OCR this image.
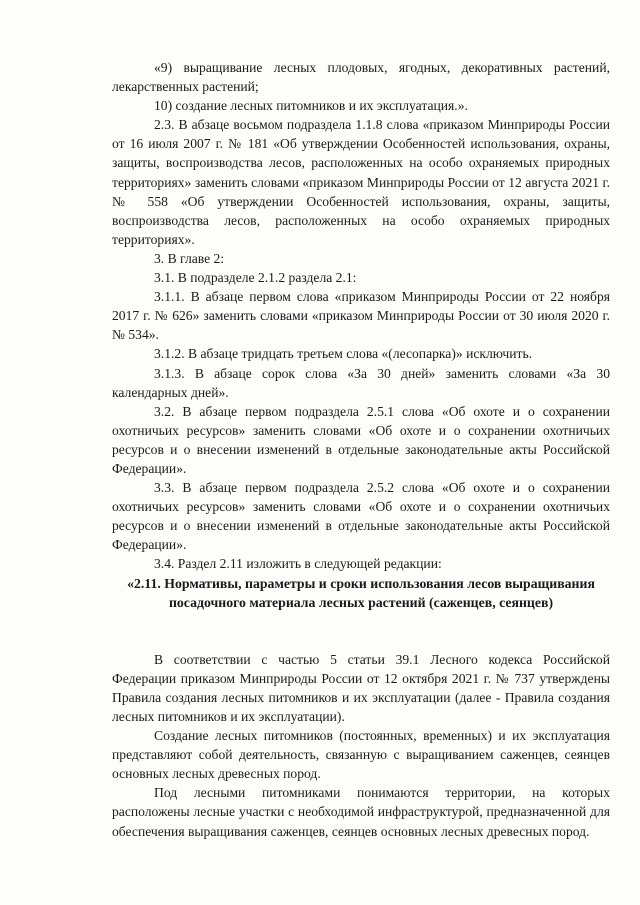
«9) выращивание лесных плодовых, ягодных, декоративных растений, лекарственных растений;

10) создание лесных питомников и их эксплуатация.».

2.3. В абзаце восьмом подраздела 1.1.8 слова «приказом Минприроды России от 16 июля 2007 г. № 181 «Об утверждении Особенностей использования, охраны, защиты, воспроизводства лесов, расположенных на особо охраняемых природных территориях» заменить словами «приказом Минприроды России от 12 августа 2021 г. № 558 «Об утверждении Особенностей использования, охраны, защиты, воспроизводства лесов, расположенных на особо охраняемых природных территориях».

3. В главе 2:

3.1. В подразделе 2.1.2 раздела 2.1:

3.1.1. В абзаце первом слова «приказом Минприроды России от 22 ноября 2017 г. № 626» заменить словами «приказом Минприроды России от 30 июля 2020 г. № 534».

3.1.2. В абзаце тридцать третьем слова «(лесопарка)» исключить.

3.1.3. В абзаце сорок слова «За 30 дней» заменить словами «За 30 календарных дней».

3.2. В абзаце первом подраздела 2.5.1 слова «Об охоте и о сохранении охотничьих ресурсов» заменить словами «Об охоте и о сохранении охотничьих ресурсов и о внесении изменений в отдельные законодательные акты Российской Федерации».

3.3. В абзаце первом подраздела 2.5.2 слова «Об охоте и о сохранении охотничьих ресурсов» заменить словами «Об охоте и о сохранении охотничьих ресурсов и о внесении изменений в отдельные законодательные акты Российской Федерации».

3.4. Раздел 2.11 изложить в следующей редакции:

«2.11. Нормативы, параметры и сроки использования лесов выращивания посадочного материала лесных растений (саженцев, сеянцев)

В соответствии с частью 5 статьи 39.1 Лесного кодекса Российской Федерации приказом Минприроды России от 12 октября 2021 г. № 737 утверждены Правила создания лесных питомников и их эксплуатации (далее - Правила создания лесных питомников и их эксплуатации).

Создание лесных питомников (постоянных, временных) и их эксплуатация представляют собой деятельность, связанную с выращиванием саженцев, сеянцев основных лесных древесных пород.

Под лесными питомниками понимаются территории, на которых расположены лесные участки с необходимой инфраструктурой, предназначенной для обеспечения выращивания саженцев, сеянцев основных лесных древесных пород.
